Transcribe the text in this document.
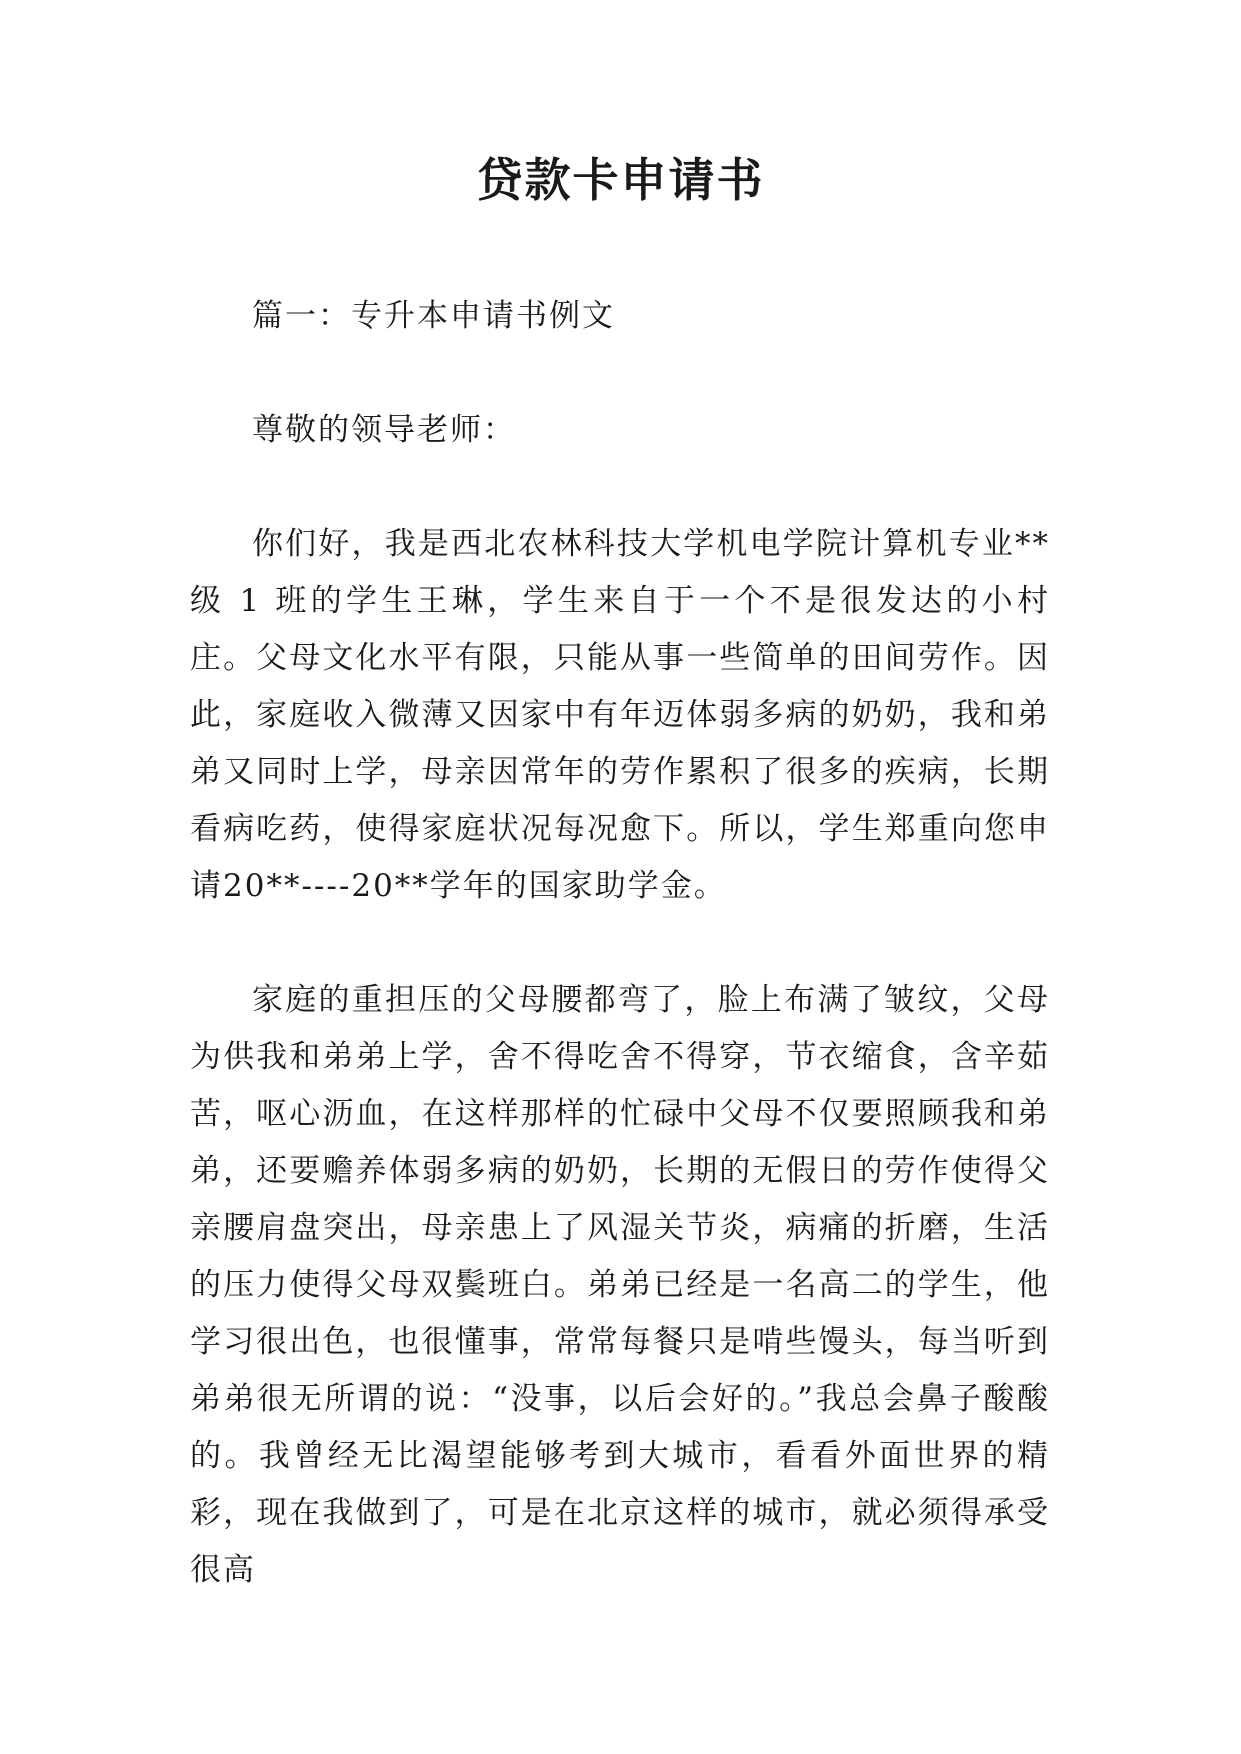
贷款卡申请书

篇一：专升本申请书例文

尊敬的领导老师：

你们好，我是西北农林科技大学机电学院计算机专业**级 1 班的学生王琳，学生来自于一个不是很发达的小村庄。父母文化水平有限，只能从事一些简单的田间劳作。因此，家庭收入微薄又因家中有年迈体弱多病的奶奶，我和弟弟又同时上学，母亲因常年的劳作累积了很多的疾病，长期看病吃药，使得家庭状况每况愈下。所以，学生郑重向您申请20**----20**学年的国家助学金。

家庭的重担压的父母腰都弯了，脸上布满了皱纹，父母为供我和弟弟上学，舍不得吃舍不得穿，节衣缩食，含辛茹苦，呕心沥血，在这样那样的忙碌中父母不仅要照顾我和弟弟，还要赡养体弱多病的奶奶，长期的无假日的劳作使得父亲腰肩盘突出，母亲患上了风湿关节炎，病痛的折磨，生活的压力使得父母双鬓班白。弟弟已经是一名高二的学生，他学习很出色，也很懂事，常常每餐只是啃些馒头，每当听到弟弟很无所谓的说：“没事，以后会好的。”我总会鼻子酸酸的。我曾经无比渴望能够考到大城市，看看外面世界的精彩，现在我做到了，可是在北京这样的城市，就必须得承受很高
